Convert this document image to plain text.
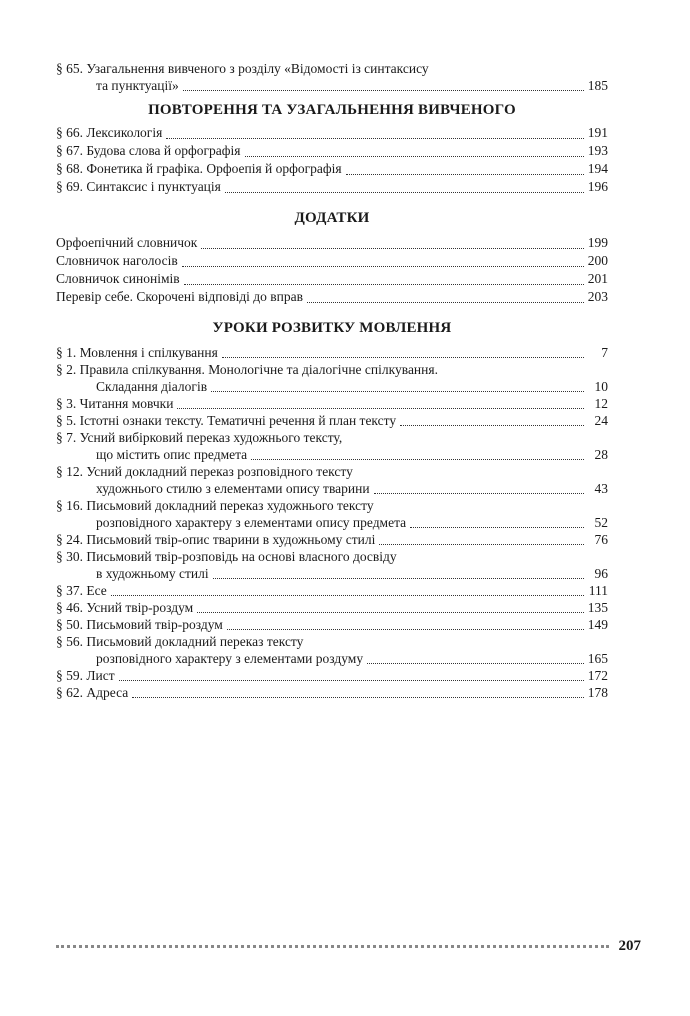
§ 65. Узагальнення вивченого з розділу «Відомості із синтаксису
та пунктуації»	185
ПОВТОРЕННЯ ТА УЗАГАЛЬНЕННЯ ВИВЧЕНОГО
§ 66. Лексикологія	191
§ 67. Будова слова й орфографія	193
§ 68. Фонетика й графіка. Орфоепія й орфографія	194
§ 69. Синтаксис і пунктуація	196
ДОДАТКИ
Орфоепічний словничок	199
Словничок наголосів	200
Словничок синонімів	201
Перевір себе. Скорочені відповіді до вправ	203
УРОКИ РОЗВИТКУ МОВЛЕННЯ
§ 1. Мовлення і спілкування	7
§ 2. Правила спілкування. Монологічне та діалогічне спілкування.
Складання діалогів	10
§ 3. Читання мовчки	12
§ 5. Істотні ознаки тексту. Тематичні речення й план тексту	24
§ 7. Усний вибірковий переказ художнього тексту,
що містить опис предмета	28
§ 12. Усний докладний переказ розповідного тексту
художнього стилю з елементами опису тварини	43
§ 16. Письмовий докладний переказ художнього тексту
розповідного характеру з елементами опису предмета	52
§ 24. Письмовий твір-опис тварини в художньому стилі	76
§ 30. Письмовий твір-розповідь на основі власного досвіду
в художньому стилі	96
§ 37. Есе	111
§ 46. Усний твір-роздум	135
§ 50. Письмовий твір-роздум	149
§ 56. Письмовий докладний переказ тексту
розповідного характеру з елементами роздуму	165
§ 59. Лист	172
§ 62. Адреса	178
207
